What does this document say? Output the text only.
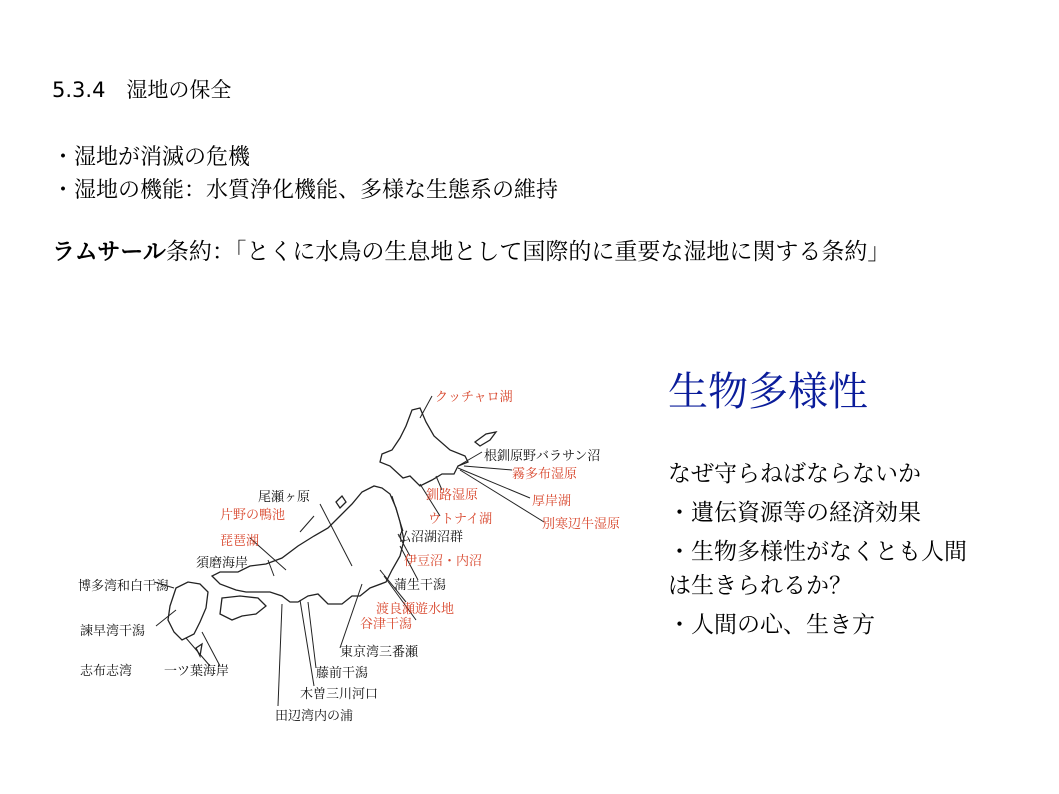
5.3.4　湿地の保全
・湿地が消滅の危機
・湿地の機能：水質浄化機能、多様な生態系の維持
ラムサール条約：「とくに水鳥の生息地として国際的に重要な湿地に関する条約」
生物多様性
なぜ守らねばならないか
・遺伝資源等の経済効果
・生物多様性がなくとも人間
は生きられるか？
・人間の心、生き方
クッチャロ湖
根釧原野バラサン沼
霧多布湿原
釧路湿原	厚岸湖
ウトナイ湖	別寒辺牛湿原
尾瀬ヶ原
片野の鴨池
仏沼湖沼群
琵琶湖
伊豆沼・内沼
須磨海岸
蒲生干潟
博多湾和白干潟
渡良瀬遊水地
谷津干潟
諫早湾干潟
東京湾三番瀬
志布志湾 一ツ葉海岸	藤前干潟
木曽三川河口
田辺湾内の浦
